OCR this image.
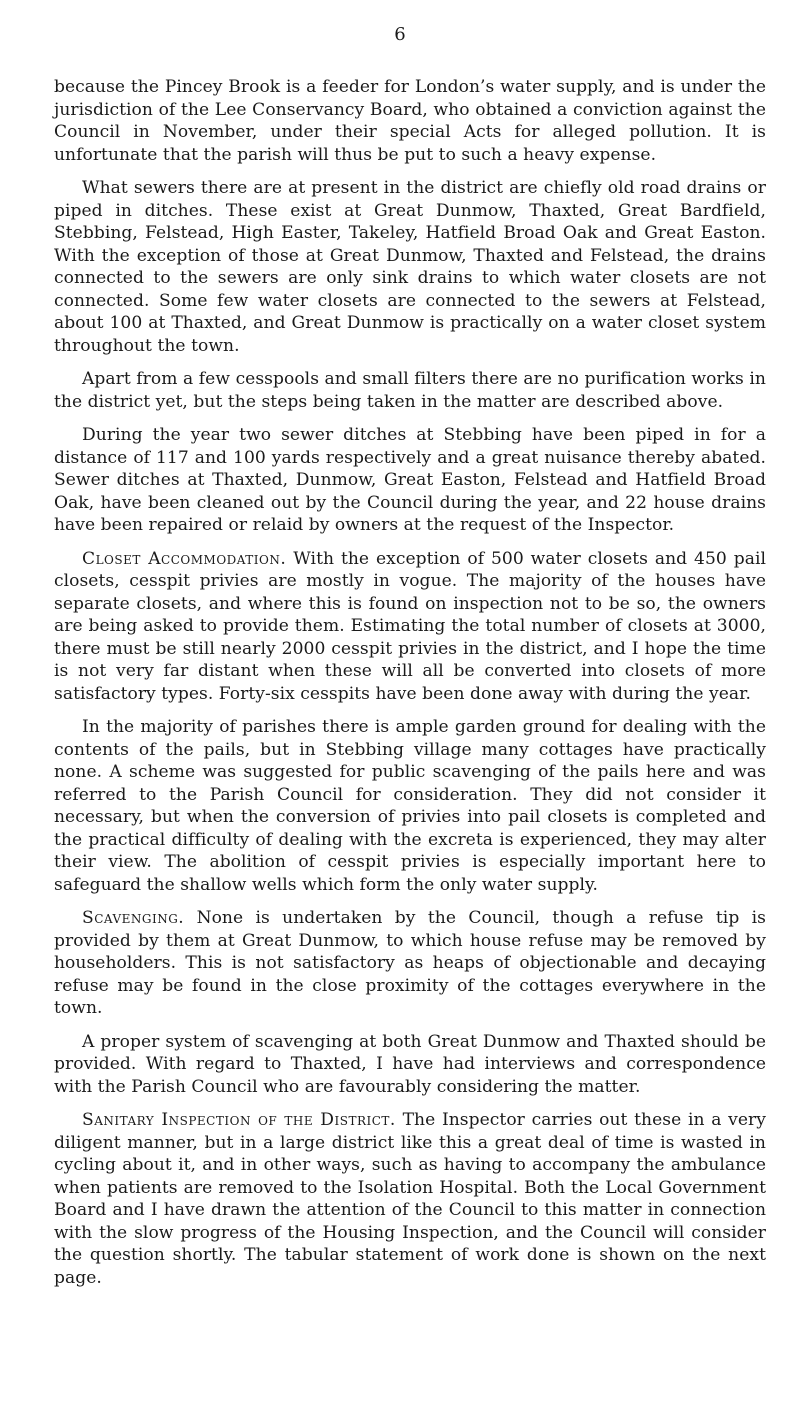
6

because the Pincey Brook is a feeder for London’s water supply, and is under the jurisdiction of the Lee Conservancy Board, who obtained a conviction against the Council in November, under their special Acts for alleged pollution. It is unfortunate that the parish will thus be put to such a heavy expense.

What sewers there are at present in the district are chiefly old road drains or piped in ditches. These exist at Great Dunmow, Thaxted, Great Bardfield, Stebbing, Felstead, High Easter, Takeley, Hatfield Broad Oak and Great Easton. With the exception of those at Great Dunmow, Thaxted and Felstead, the drains connected to the sewers are only sink drains to which water closets are not connected. Some few water closets are connected to the sewers at Felstead, about 100 at Thaxted, and Great Dunmow is practically on a water closet system throughout the town.

Apart from a few cesspools and small filters there are no purification works in the district yet, but the steps being taken in the matter are described above.

During the year two sewer ditches at Stebbing have been piped in for a distance of 117 and 100 yards respectively and a great nuisance thereby abated. Sewer ditches at Thaxted, Dunmow, Great Easton, Felstead and Hatfield Broad Oak, have been cleaned out by the Council during the year, and 22 house drains have been repaired or relaid by owners at the request of the Inspector.

Closet Accommodation. With the exception of 500 water closets and 450 pail closets, cesspit privies are mostly in vogue. The majority of the houses have separate closets, and where this is found on inspection not to be so, the owners are being asked to provide them. Estimating the total number of closets at 3000, there must be still nearly 2000 cesspit privies in the district, and I hope the time is not very far distant when these will all be converted into closets of more satisfactory types. Forty-six cesspits have been done away with during the year.

In the majority of parishes there is ample garden ground for dealing with the contents of the pails, but in Stebbing village many cottages have practically none. A scheme was suggested for public scavenging of the pails here and was referred to the Parish Council for consideration. They did not consider it necessary, but when the conversion of privies into pail closets is completed and the practical difficulty of dealing with the excreta is experienced, they may alter their view. The abolition of cesspit privies is especially important here to safeguard the shallow wells which form the only water supply.

Scavenging. None is undertaken by the Council, though a refuse tip is provided by them at Great Dunmow, to which house refuse may be removed by householders. This is not satisfactory as heaps of objectionable and decaying refuse may be found in the close proximity of the cottages everywhere in the town.

A proper system of scavenging at both Great Dunmow and Thaxted should be provided. With regard to Thaxted, I have had interviews and correspondence with the Parish Council who are favourably considering the matter.

Sanitary Inspection of the District. The Inspector carries out these in a very diligent manner, but in a large district like this a great deal of time is wasted in cycling about it, and in other ways, such as having to accompany the ambulance when patients are removed to the Isolation Hospital. Both the Local Government Board and I have drawn the attention of the Council to this matter in connection with the slow progress of the Housing Inspection, and the Council will consider the question shortly. The tabular statement of work done is shown on the next page.
